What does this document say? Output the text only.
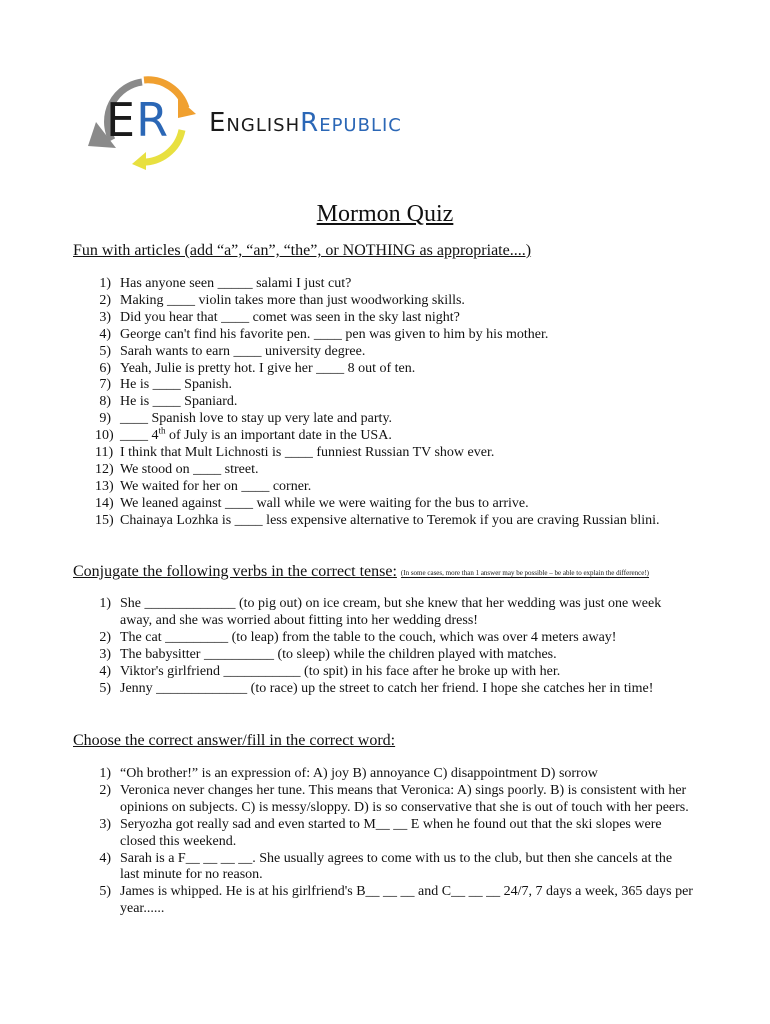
ER EnglishRepublic
Mormon Quiz
Fun with articles (add “a”, “an”, “the”, or NOTHING as appropriate....)
1) Has anyone seen _____ salami I just cut?
2) Making ____ violin takes more than just woodworking skills.
3) Did you hear that ____ comet was seen in the sky last night?
4) George can't find his favorite pen. ____ pen was given to him by his mother.
5) Sarah wants to earn ____ university degree.
6) Yeah, Julie is pretty hot. I give her ____ 8 out of ten.
7) He is ____ Spanish.
8) He is ____ Spaniard.
9) ____ Spanish love to stay up very late and party.
10) ____ 4th of July is an important date in the USA.
11) I think that Mult Lichnosti is ____ funniest Russian TV show ever.
12) We stood on ____ street.
13) We waited for her on ____ corner.
14) We leaned against ____ wall while we were waiting for the bus to arrive.
15) Chainaya Lozhka is ____ less expensive alternative to Teremok if you are craving Russian blini.
Conjugate the following verbs in the correct tense: (In some cases, more than 1 answer may be possible – be able to explain the difference!)
1) She _____________ (to pig out) on ice cream, but she knew that her wedding was just one week away, and she was worried about fitting into her wedding dress!
2) The cat _________ (to leap) from the table to the couch, which was over 4 meters away!
3) The babysitter __________ (to sleep) while the children played with matches.
4) Viktor's girlfriend ___________ (to spit) in his face after he broke up with her.
5) Jenny _____________ (to race) up the street to catch her friend. I hope she catches her in time!
Choose the correct answer/fill in the correct word:
1) “Oh brother!” is an expression of: A) joy B) annoyance C) disappointment D) sorrow
2) Veronica never changes her tune. This means that Veronica: A) sings poorly. B) is consistent with her opinions on subjects. C) is messy/sloppy. D) is so conservative that she is out of touch with her peers.
3) Seryozha got really sad and even started to M__ __ E when he found out that the ski slopes were closed this weekend.
4) Sarah is a F__ __ __ __. She usually agrees to come with us to the club, but then she cancels at the last minute for no reason.
5) James is whipped. He is at his girlfriend's B__ __ __ and C__ __ __ 24/7, 7 days a week, 365 days per year......
